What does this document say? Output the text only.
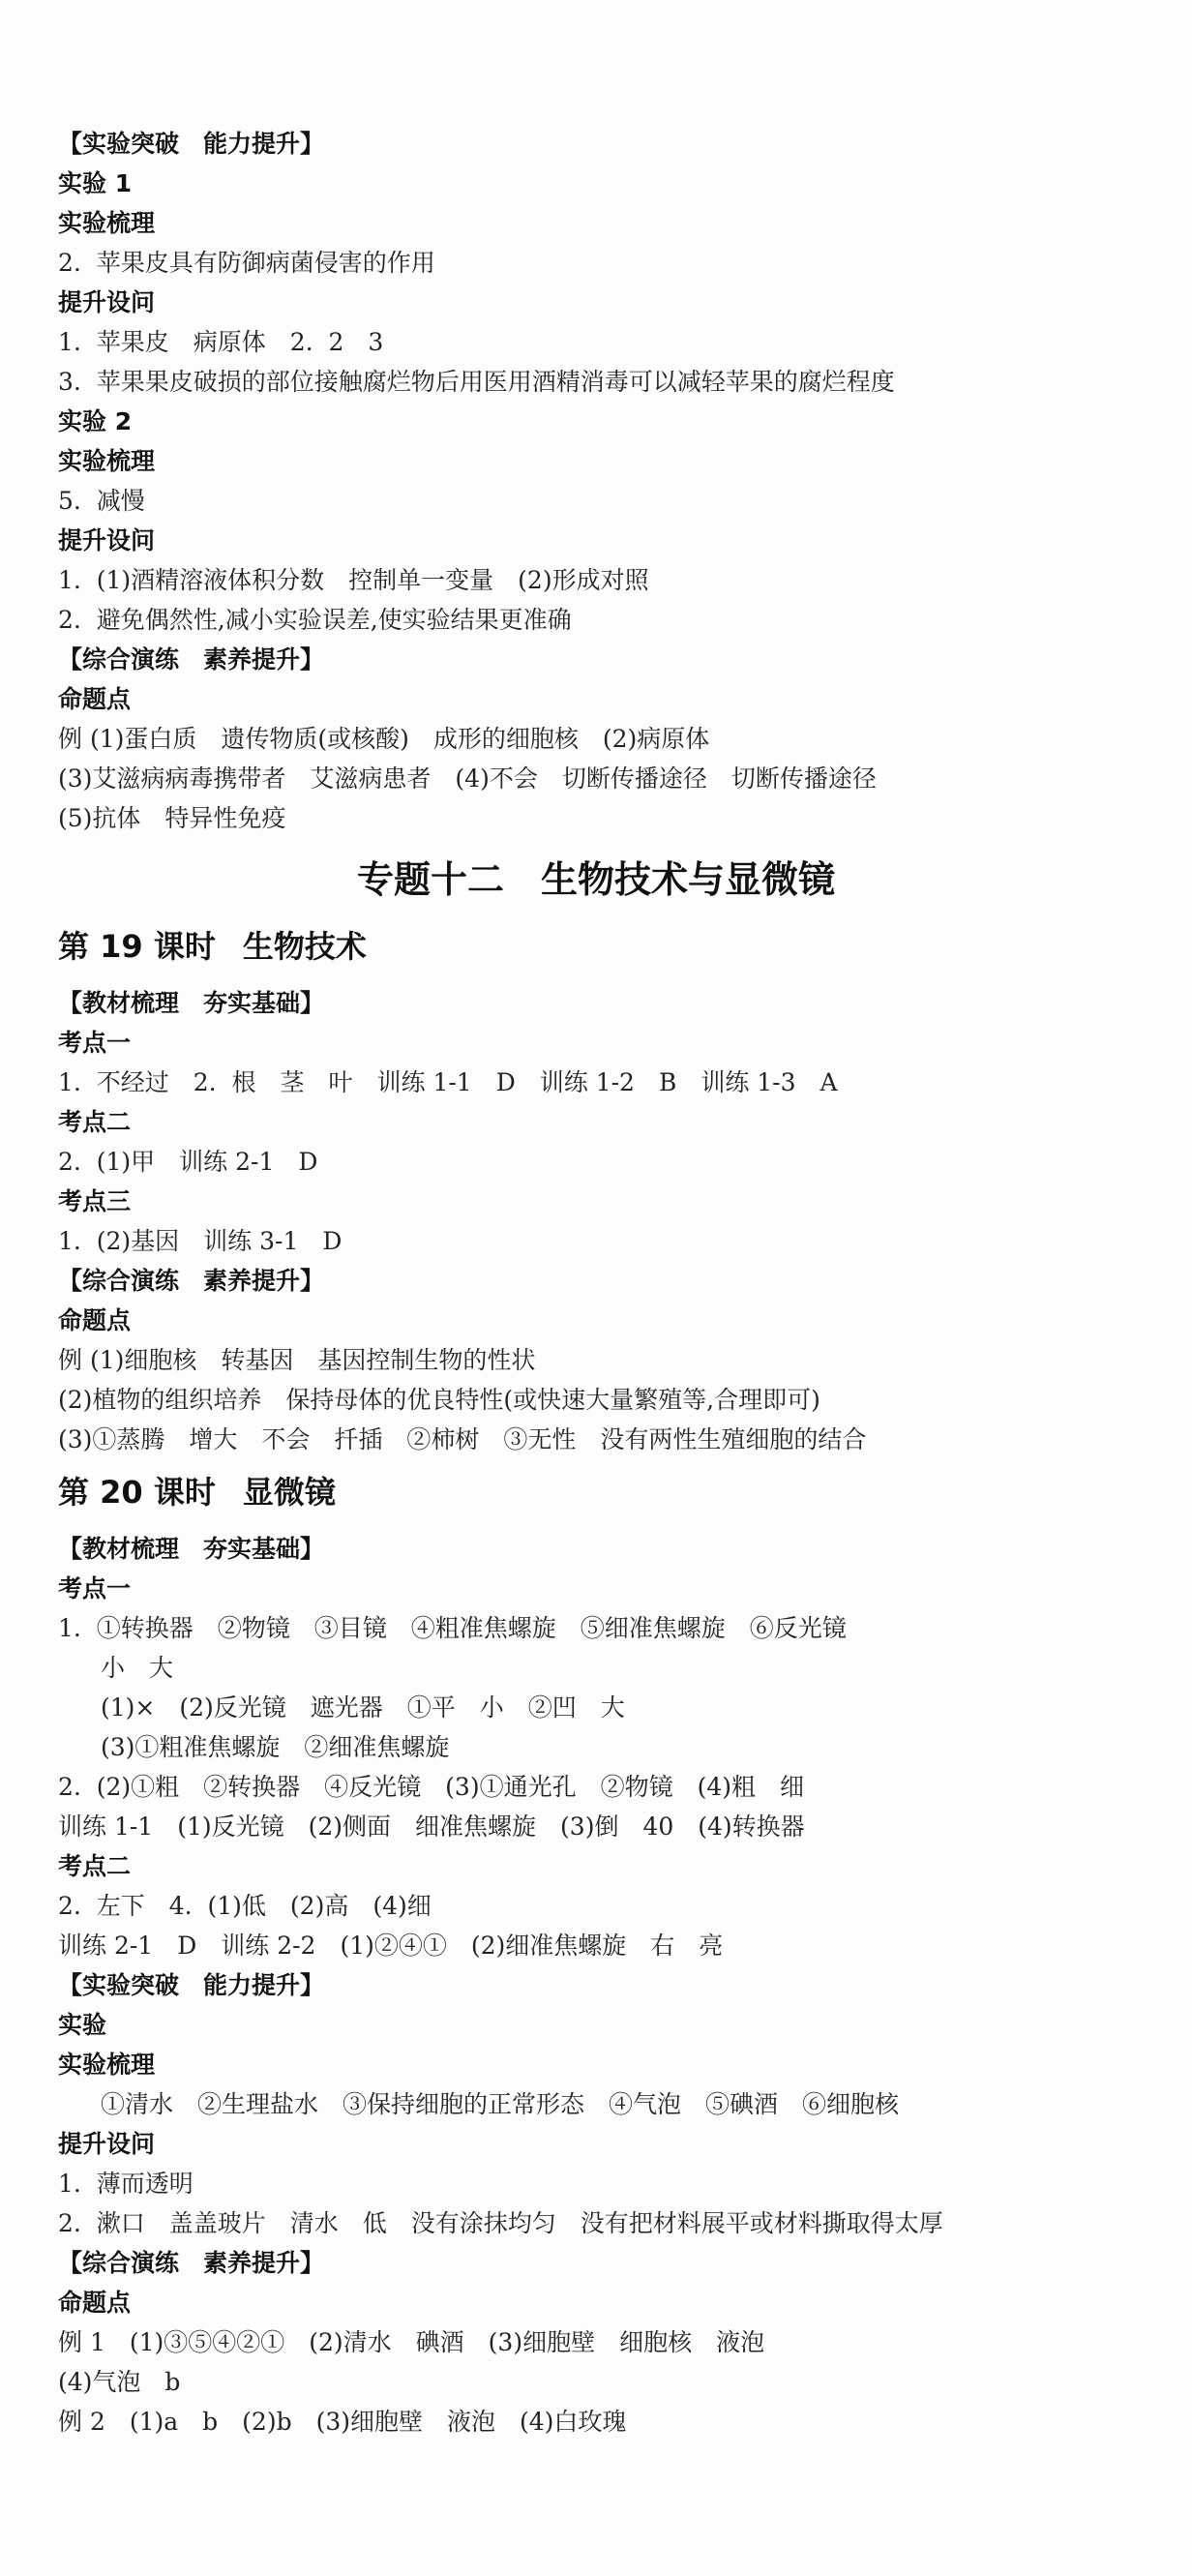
【实验突破　能力提升】
实验 1
实验梳理
2.  苹果皮具有防御病菌侵害的作用
提升设问
1.  苹果皮　病原体　2.  2　3
3.  苹果果皮破损的部位接触腐烂物后用医用酒精消毒可以减轻苹果的腐烂程度
实验 2
实验梳理
5.  减慢
提升设问
1.  (1)酒精溶液体积分数　控制单一变量　(2)形成对照
2.  避免偶然性,减小实验误差,使实验结果更准确
【综合演练　素养提升】
命题点
例 (1)蛋白质　遗传物质(或核酸)　成形的细胞核　(2)病原体
(3)艾滋病病毒携带者　艾滋病患者　(4)不会　切断传播途径　切断传播途径
(5)抗体　特异性免疫
专题十二　生物技术与显微镜
第 19 课时 生物技术
【教材梳理　夯实基础】
考点一
1.  不经过　2.  根　茎　叶　训练 1-1　D　训练 1-2　B　训练 1-3　A
考点二
2.  (1)甲　训练 2-1　D
考点三
1.  (2)基因　训练 3-1　D
【综合演练　素养提升】
命题点
例 (1)细胞核　转基因　基因控制生物的性状
(2)植物的组织培养　保持母体的优良特性(或快速大量繁殖等,合理即可)
(3)①蒸腾　增大　不会　扦插　②柿树　③无性　没有两性生殖细胞的结合
第 20 课时 显微镜
【教材梳理　夯实基础】
考点一
1.  ①转换器　②物镜　③目镜　④粗准焦螺旋　⑤细准焦螺旋　⑥反光镜
小　大
(1)×　(2)反光镜　遮光器　①平　小　②凹　大
(3)①粗准焦螺旋　②细准焦螺旋
2.  (2)①粗　②转换器　④反光镜　(3)①通光孔　②物镜　(4)粗　细
训练 1-1　(1)反光镜　(2)侧面　细准焦螺旋　(3)倒　40　(4)转换器
考点二
2.  左下　4.  (1)低　(2)高　(4)细
训练 2-1　D　训练 2-2　(1)②④①　(2)细准焦螺旋　右　亮
【实验突破　能力提升】
实验
实验梳理
①清水　②生理盐水　③保持细胞的正常形态　④气泡　⑤碘酒　⑥细胞核
提升设问
1.  薄而透明
2.  漱口　盖盖玻片　清水　低　没有涂抹均匀　没有把材料展平或材料撕取得太厚
【综合演练　素养提升】
命题点
例 1　(1)③⑤④②①　(2)清水　碘酒　(3)细胞壁　细胞核　液泡
(4)气泡　b
例 2　(1)a　b　(2)b　(3)细胞壁　液泡　(4)白玫瑰
